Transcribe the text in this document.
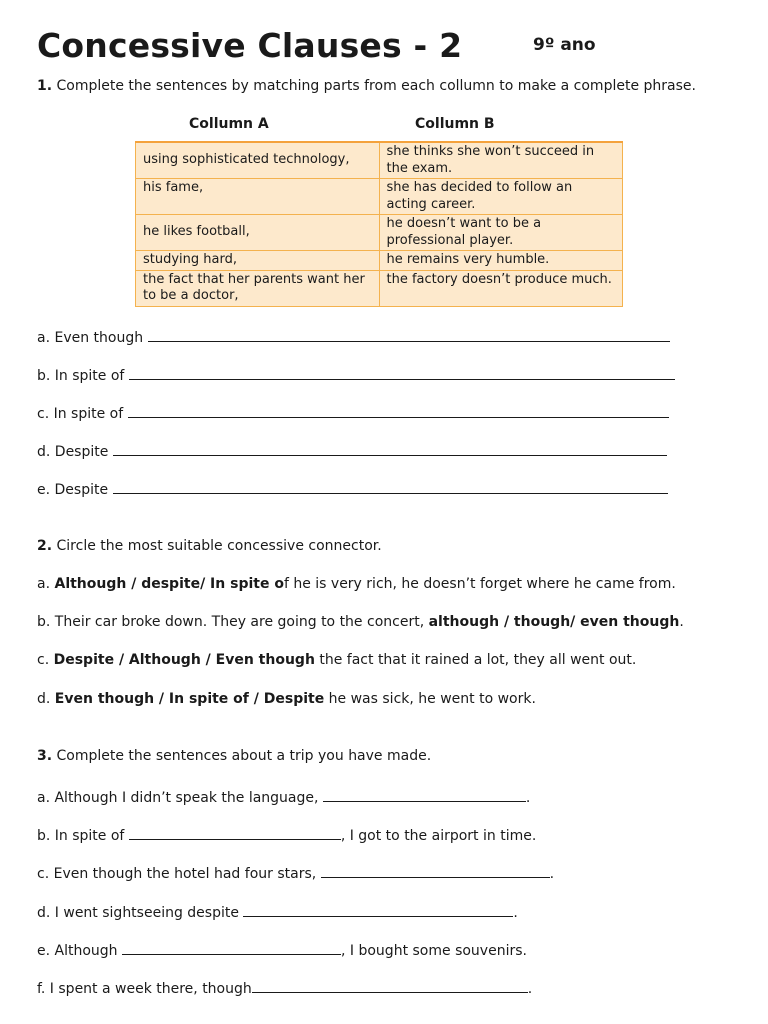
Concessive Clauses - 2	9º ano
1. Complete the sentences by matching parts from each collumn to make a complete phrase.
Collumn A	Collumn B
using sophisticated technology,	she thinks she won’t succeed in the exam.
his fame,	she has decided to follow an acting career.
he likes football,	he doesn’t want to be a professional player.
studying hard,	he remains very humble.
the fact that her parents want her to be a doctor,	the factory doesn’t produce much.
a. Even though
b. In spite of
c. In spite of
d. Despite
e. Despite
2. Circle the most suitable concessive connector.
a. Although / despite/ In spite of he is very rich, he doesn’t forget where he came from.
b. Their car broke down. They are going to the concert, although / though/ even though.
c. Despite / Although / Even though the fact that it rained a lot, they all went out.
d. Even though / In spite of / Despite he was sick, he went to work.
3. Complete the sentences about a trip you have made.
a. Although I didn’t speak the language,	.
b. In spite of	, I got to the airport in time.
c. Even though the hotel had four stars,	.
d. I went sightseeing despite	.
e. Although	, I bought some souvenirs.
f. I spent a week there, though	.
